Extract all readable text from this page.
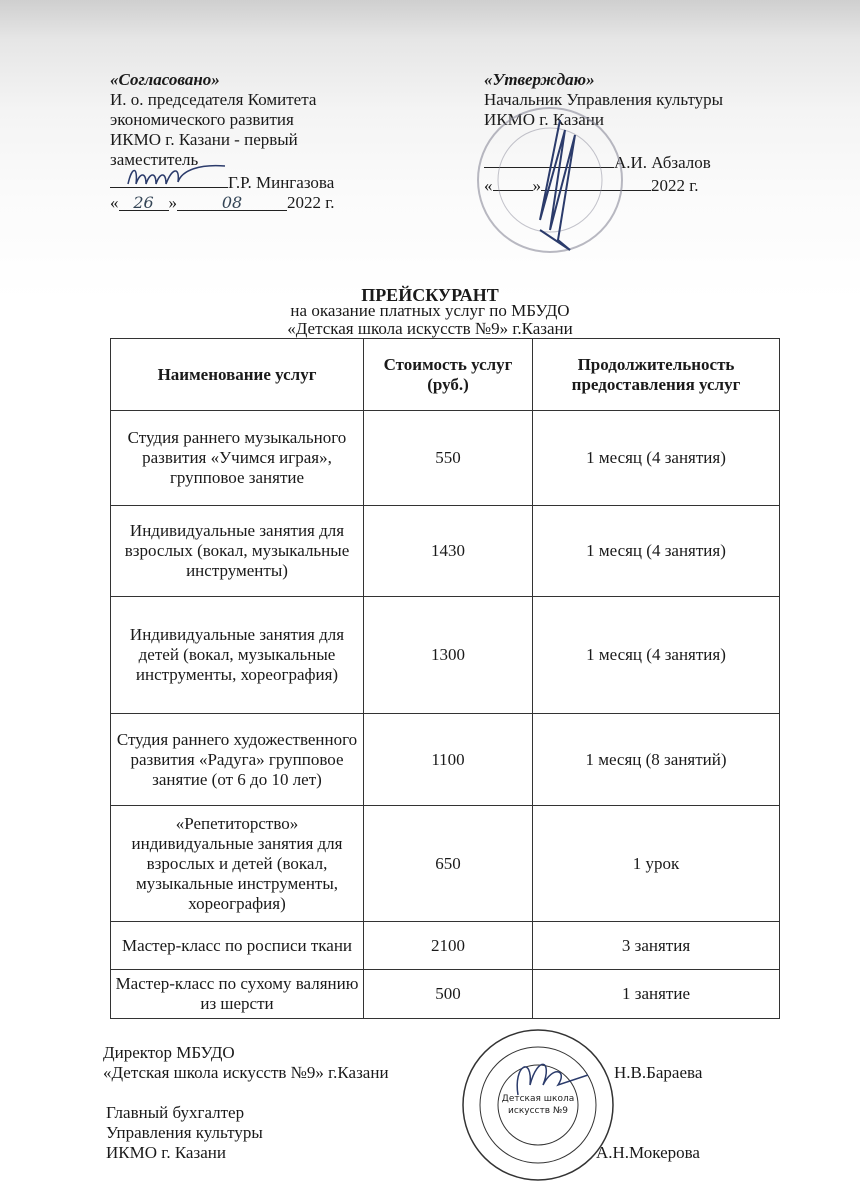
«Согласовано»
И. о. председателя Комитета
экономического развития
ИКМО г. Казани - первый
заместитель
Г.Р. Мингазова
« 26 »	08	2022 г.
«Утверждаю»
Начальник Управления культуры
ИКМО г. Казани

А.И. Абзалов
« »	2022 г.
ПРЕЙСКУРАНТ
на оказание платных услуг по МБУДО
Наименование услуг	Стоимость услуг (руб.)	Продолжительность предоставления услуг
Студия раннего музыкального развития «Учимся играя», групповое занятие	550	1 месяц (4 занятия)
Индивидуальные занятия для взрослых (вокал, музыкальные инструменты)	1430	1 месяц (4 занятия)
Индивидуальные занятия для детей (вокал, музыкальные инструменты, хореография)	1300	1 месяц (4 занятия)
Студия раннего художественного развития «Радуга» групповое занятие (от 6 до 10 лет)	1100	1 месяц (8 занятий)
«Репетиторство» индивидуальные занятия для взрослых и детей (вокал, музыкальные инструменты, хореография)	650	1 урок
Мастер-класс по росписи ткани	2100	3 занятия
Мастер-класс по сухому валянию из шерсти	500	1 занятие
Директор МБУДО
«Детская школа искусств №9» г.Казани	Н.В.Бараева
Главный бухгалтер
Управления культуры
ИКМО г. Казани	А.Н.Мокерова
Детская школа
искусств №9
«Детская школа искусств №9» г.Казани
